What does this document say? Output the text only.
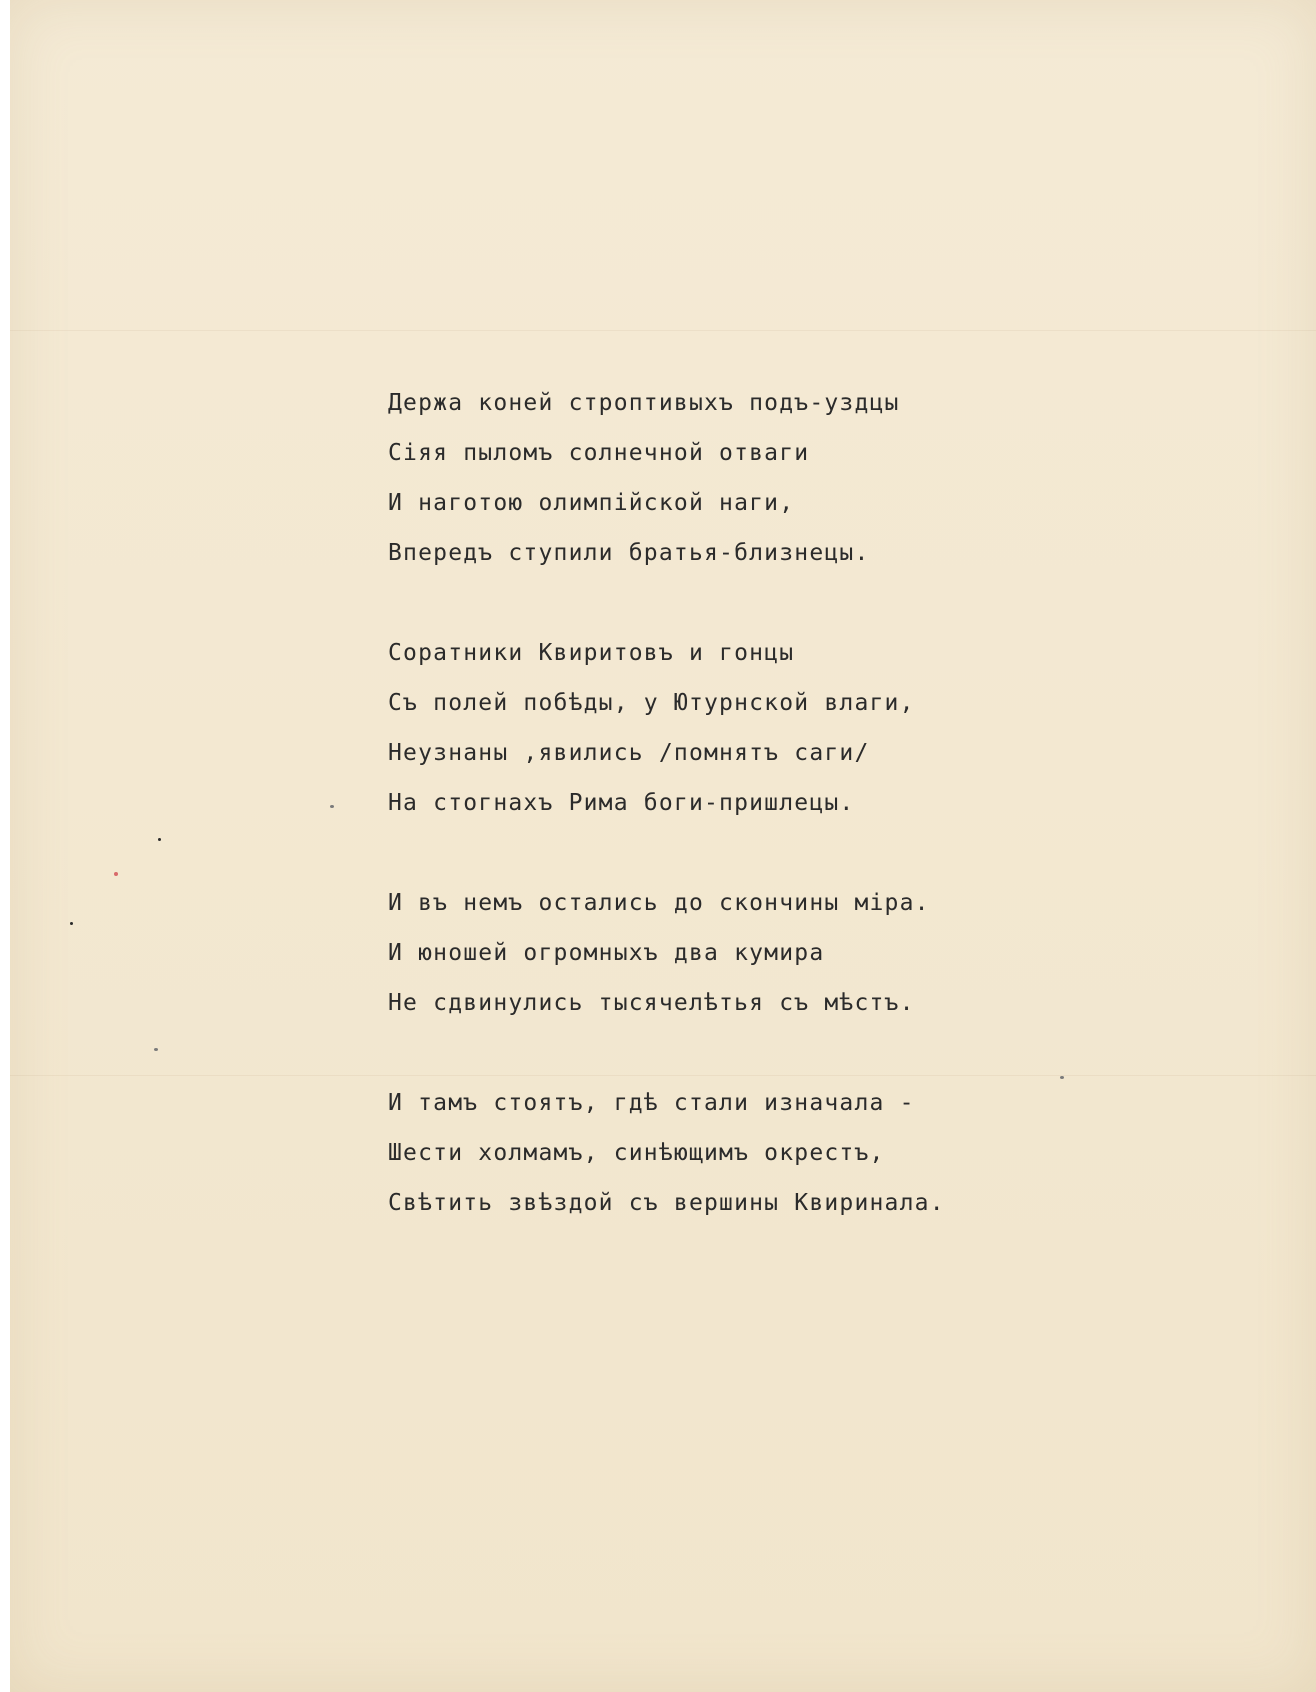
Держа коней строптивыхъ подъ-уздцы
Сiяя пыломъ солнечной отваги
И наготою олимпiйской наги,
Впередъ ступили братья-близнецы.
Соратники Квиритовъ и гонцы
Съ полей побѣды, у Ютурнской влаги,
Неузнаны ,явились /помнятъ саги/
На стогнахъ Рима боги-пришлецы.
И въ немъ остались до скончины мiра.
И юношей огромныхъ два кумира
Не сдвинулись тысячелѣтья съ мѣстъ.
И тамъ стоятъ, гдѣ стали изначала -
Шести холмамъ, синѣющимъ окрестъ,
Свѣтить звѣздой съ вершины Квиринала.
